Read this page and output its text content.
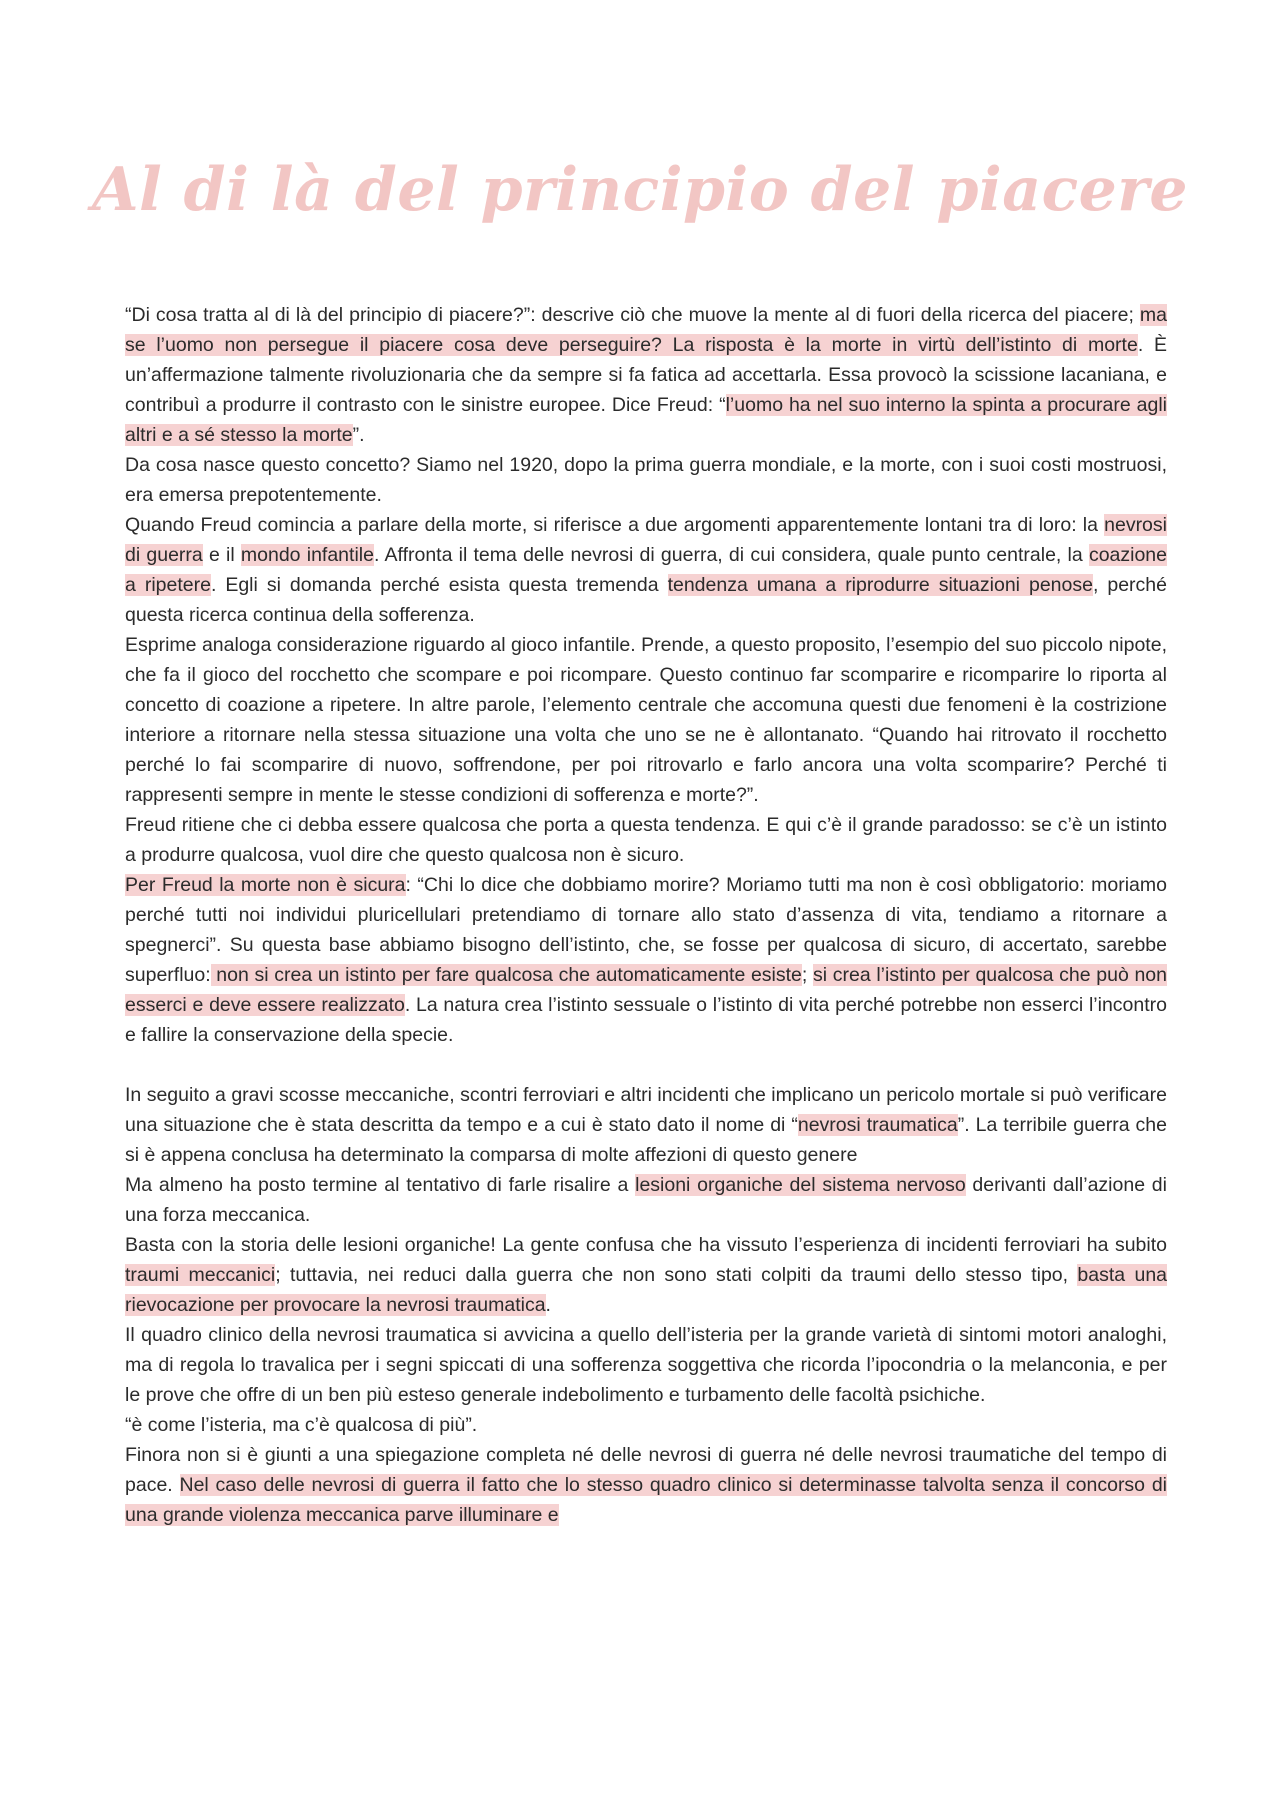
Al di là del principio del piacere

“Di cosa tratta al di là del principio di piacere?”: descrive ciò che muove la mente al di fuori della ricerca del piacere; ma se l’uomo non persegue il piacere cosa deve perseguire? La risposta è la morte in virtù dell’istinto di morte. È un’affermazione talmente rivoluzionaria che da sempre si fa fatica ad accettarla. Essa provocò la scissione lacaniana, e contribuì a produrre il contrasto con le sinistre europee. Dice Freud: “l’uomo ha nel suo interno la spinta a procurare agli altri e a sé stesso la morte”.

Da cosa nasce questo concetto? Siamo nel 1920, dopo la prima guerra mondiale, e la morte, con i suoi costi mostruosi, era emersa prepotentemente.

Quando Freud comincia a parlare della morte, si riferisce a due argomenti apparentemente lontani tra di loro: la nevrosi di guerra e il mondo infantile. Affronta il tema delle nevrosi di guerra, di cui considera, quale punto centrale, la coazione a ripetere. Egli si domanda perché esista questa tremenda tendenza umana a riprodurre situazioni penose, perché questa ricerca continua della sofferenza.

Esprime analoga considerazione riguardo al gioco infantile. Prende, a questo proposito, l’esempio del suo piccolo nipote, che fa il gioco del rocchetto che scompare e poi ricompare. Questo continuo far scomparire e ricomparire lo riporta al concetto di coazione a ripetere. In altre parole, l’elemento centrale che accomuna questi due fenomeni è la costrizione interiore a ritornare nella stessa situazione una volta che uno se ne è allontanato. “Quando hai ritrovato il rocchetto perché lo fai scomparire di nuovo, soffrendone, per poi ritrovarlo e farlo ancora una volta scomparire? Perché ti rappresenti sempre in mente le stesse condizioni di sofferenza e morte?”.

Freud ritiene che ci debba essere qualcosa che porta a questa tendenza. E qui c’è il grande paradosso: se c’è un istinto a produrre qualcosa, vuol dire che questo qualcosa non è sicuro.

Per Freud la morte non è sicura: “Chi lo dice che dobbiamo morire? Moriamo tutti ma non è così obbligatorio: moriamo perché tutti noi individui pluricellulari pretendiamo di tornare allo stato d’assenza di vita, tendiamo a ritornare a spegnerci”. Su questa base abbiamo bisogno dell’istinto, che, se fosse per qualcosa di sicuro, di accertato, sarebbe superfluo: non si crea un istinto per fare qualcosa che automaticamente esiste; si crea l’istinto per qualcosa che può non esserci e deve essere realizzato. La natura crea l’istinto sessuale o l’istinto di vita perché potrebbe non esserci l’incontro e fallire la conservazione della specie.

In seguito a gravi scosse meccaniche, scontri ferroviari e altri incidenti che implicano un pericolo mortale si può verificare una situazione che è stata descritta da tempo e a cui è stato dato il nome di “nevrosi traumatica”. La terribile guerra che si è appena conclusa ha determinato la comparsa di molte affezioni di questo genere

Ma almeno ha posto termine al tentativo di farle risalire a lesioni organiche del sistema nervoso derivanti dall’azione di una forza meccanica.

Basta con la storia delle lesioni organiche! La gente confusa che ha vissuto l’esperienza di incidenti ferroviari ha subito traumi meccanici; tuttavia, nei reduci dalla guerra che non sono stati colpiti da traumi dello stesso tipo, basta una rievocazione per provocare la nevrosi traumatica.

Il quadro clinico della nevrosi traumatica si avvicina a quello dell’isteria per la grande varietà di sintomi motori analoghi, ma di regola lo travalica per i segni spiccati di una sofferenza soggettiva che ricorda l’ipocondria o la melanconia, e per le prove che offre di un ben più esteso generale indebolimento e turbamento delle facoltà psichiche.

“è come l’isteria, ma c’è qualcosa di più”.

Finora non si è giunti a una spiegazione completa né delle nevrosi di guerra né delle nevrosi traumatiche del tempo di pace. Nel caso delle nevrosi di guerra il fatto che lo stesso quadro clinico si determinasse talvolta senza il concorso di una grande violenza meccanica parve illuminare e
